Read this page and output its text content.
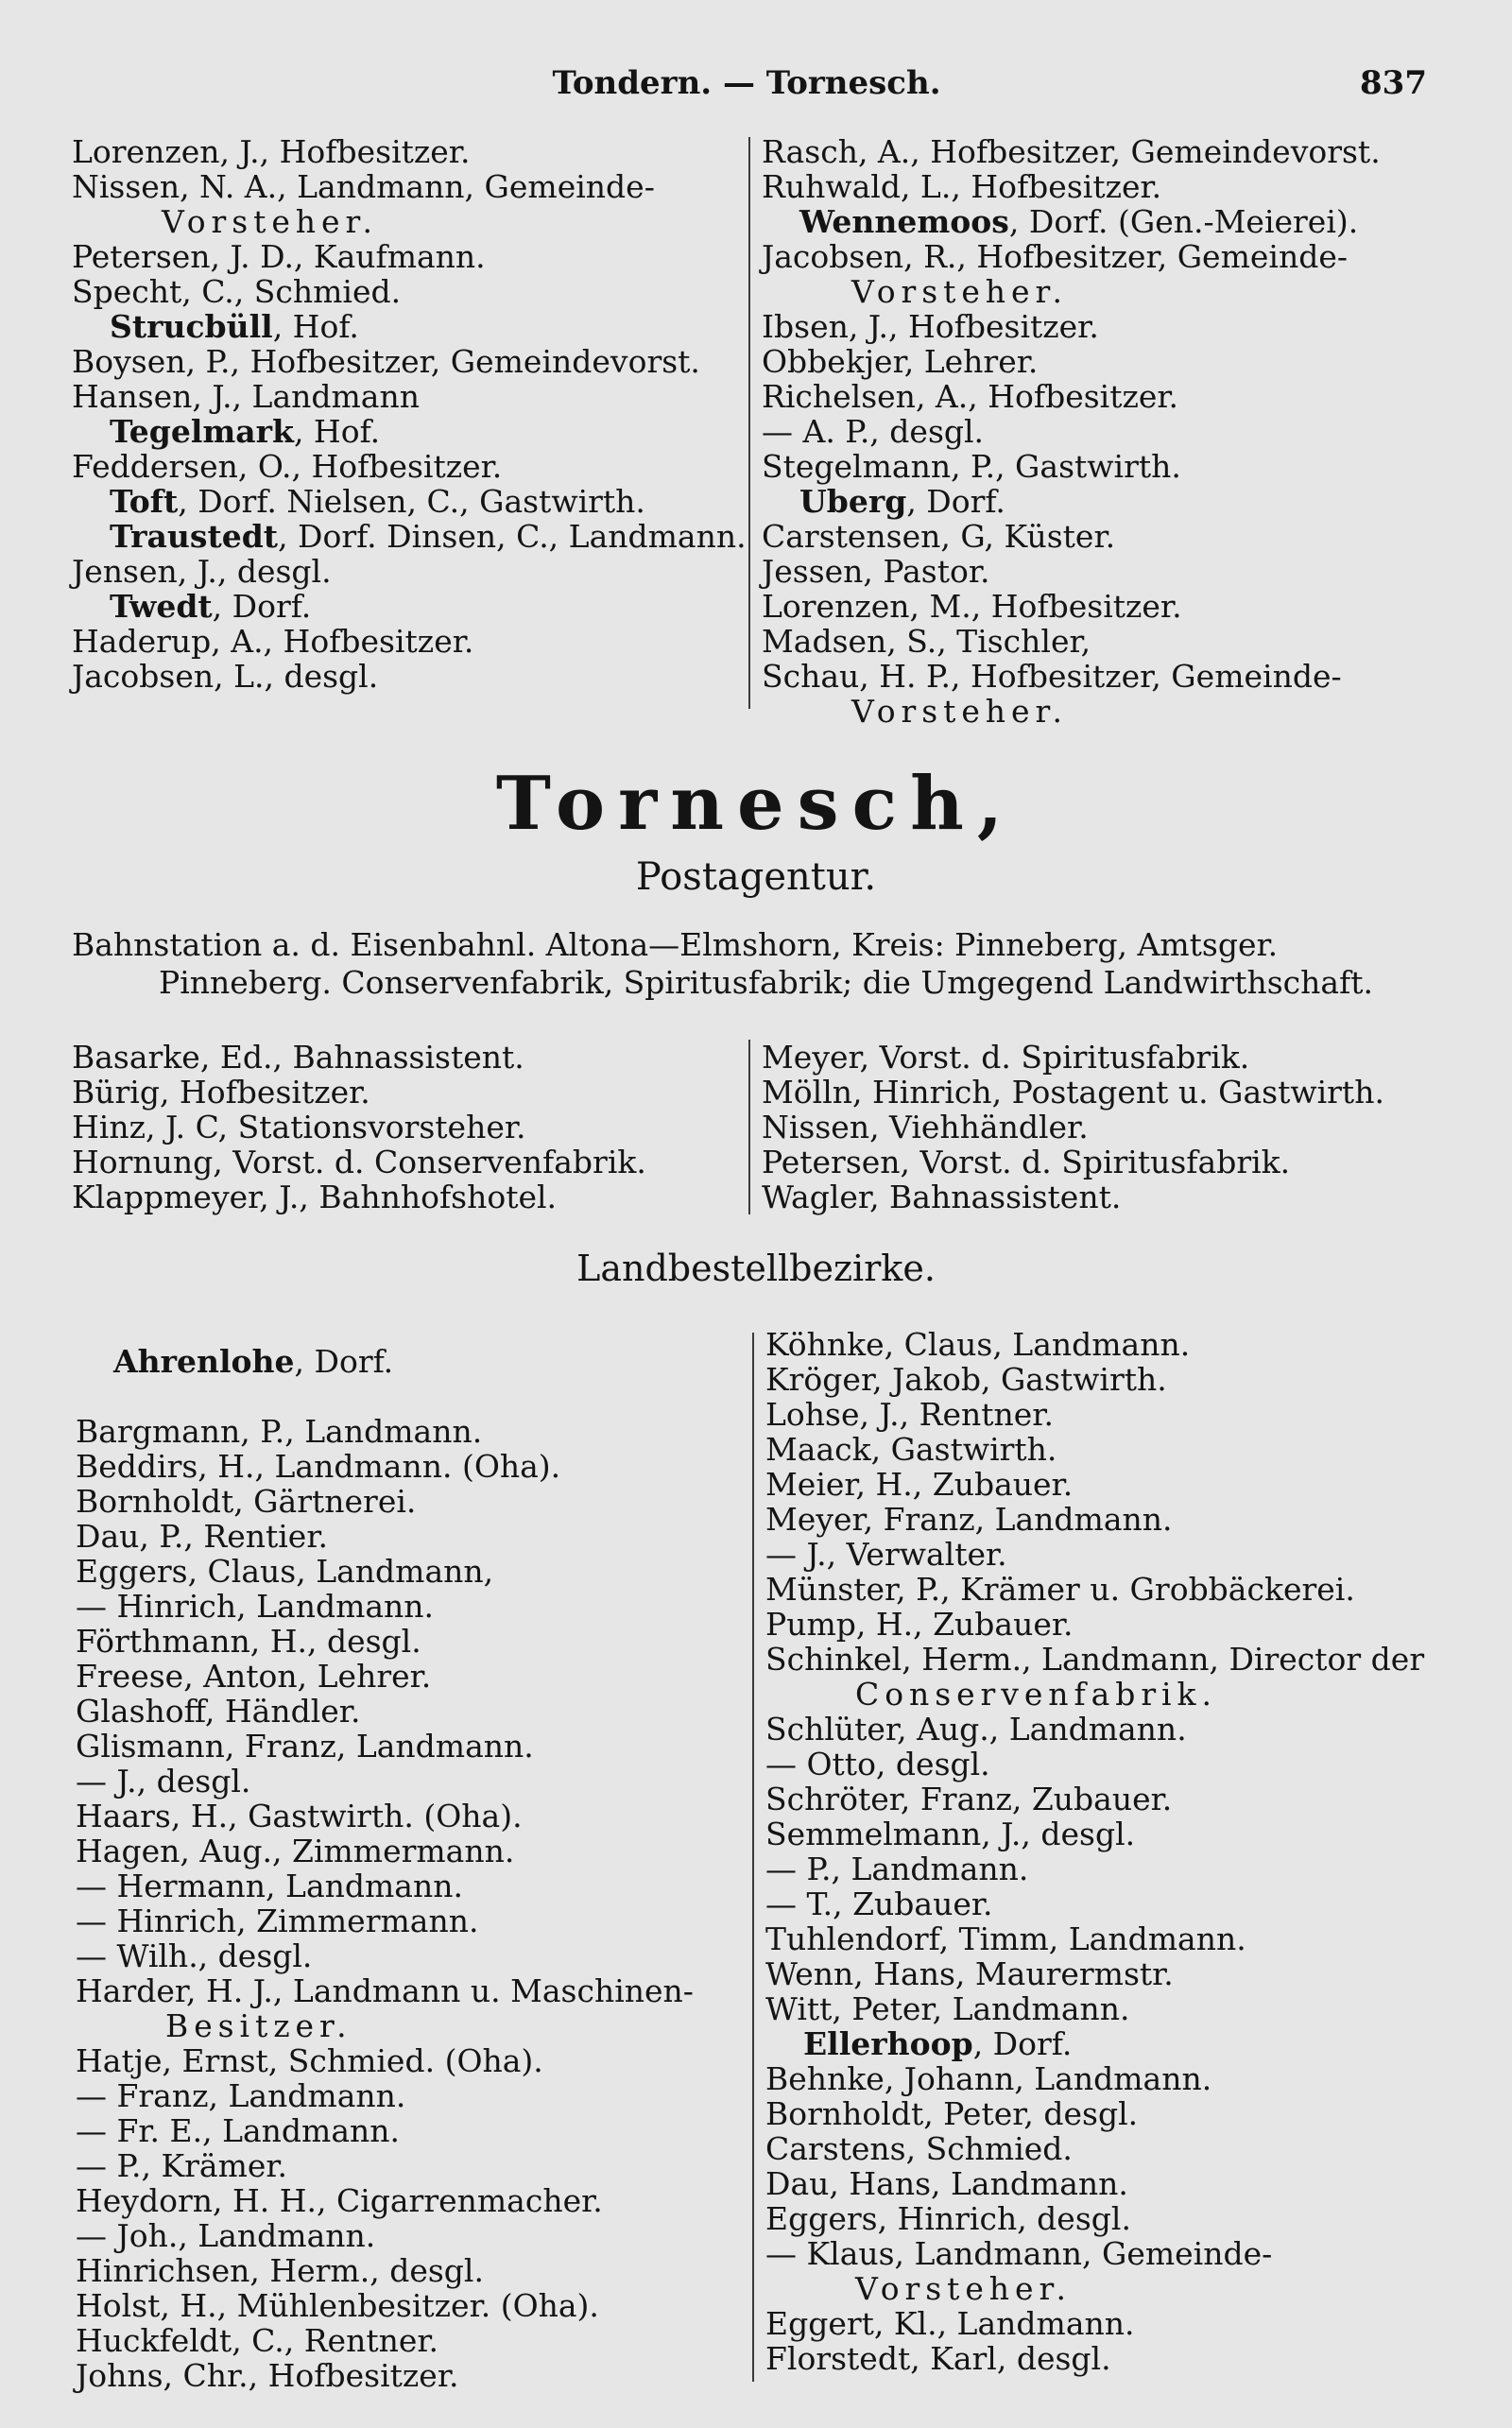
Tondern. — Tornesch.	837
Lorenzen, J., Hofbesitzer.
Nissen, N. A., Landmann, Gemeinde-
Vorsteher.
Petersen, J. D., Kaufmann.
Specht, C., Schmied.
Strucbüll, Hof.
Boysen, P., Hofbesitzer, Gemeindevorst.
Hansen, J., Landmann
Tegelmark, Hof.
Feddersen, O., Hofbesitzer.
Toft, Dorf. Nielsen, C., Gastwirth.
Traustedt, Dorf. Dinsen, C., Landmann.
Jensen, J., desgl.
Twedt, Dorf.
Haderup, A., Hofbesitzer.
Jacobsen, L., desgl.
Rasch, A., Hofbesitzer, Gemeindevorst.
Ruhwald, L., Hofbesitzer.
Wennemoos, Dorf. (Gen.-Meierei).
Jacobsen, R., Hofbesitzer, Gemeinde-
Vorsteher.
Ibsen, J., Hofbesitzer.
Obbekjer, Lehrer.
Richelsen, A., Hofbesitzer.
— A. P., desgl.
Stegelmann, P., Gastwirth.
Uberg, Dorf.
Carstensen, G, Küster.
Jessen, Pastor.
Lorenzen, M., Hofbesitzer.
Madsen, S., Tischler,
Schau, H. P., Hofbesitzer, Gemeinde-
Vorsteher.
Tornesch,
Postagentur.
Bahnstation a. d. Eisenbahnl. Altona—Elmshorn, Kreis: Pinneberg, Amtsger.
Pinneberg. Conservenfabrik, Spiritusfabrik; die Umgegend Landwirthschaft.
Basarke, Ed., Bahnassistent.
Bürig, Hofbesitzer.
Hinz, J. C, Stationsvorsteher.
Hornung, Vorst. d. Conservenfabrik.
Klappmeyer, J., Bahnhofshotel.
Meyer, Vorst. d. Spiritusfabrik.
Mölln, Hinrich, Postagent u. Gastwirth.
Nissen, Viehhändler.
Petersen, Vorst. d. Spiritusfabrik.
Wagler, Bahnassistent.
Landbestellbezirke.
Ahrenlohe, Dorf.
Bargmann, P., Landmann.
Beddirs, H., Landmann. (Oha).
Bornholdt, Gärtnerei.
Dau, P., Rentier.
Eggers, Claus, Landmann,
— Hinrich, Landmann.
Förthmann, H., desgl.
Freese, Anton, Lehrer.
Glashoff, Händler.
Glismann, Franz, Landmann.
— J., desgl.
Haars, H., Gastwirth. (Oha).
Hagen, Aug., Zimmermann.
— Hermann, Landmann.
— Hinrich, Zimmermann.
— Wilh., desgl.
Harder, H. J., Landmann u. Maschinen-
Besitzer.
Hatje, Ernst, Schmied. (Oha).
— Franz, Landmann.
— Fr. E., Landmann.
— P., Krämer.
Heydorn, H. H., Cigarrenmacher.
— Joh., Landmann.
Hinrichsen, Herm., desgl.
Holst, H., Mühlenbesitzer. (Oha).
Huckfeldt, C., Rentner.
Johns, Chr., Hofbesitzer.
Köhnke, Claus, Landmann.
Kröger, Jakob, Gastwirth.
Lohse, J., Rentner.
Maack, Gastwirth.
Meier, H., Zubauer.
Meyer, Franz, Landmann.
— J., Verwalter.
Münster, P., Krämer u. Grobbäckerei.
Pump, H., Zubauer.
Schinkel, Herm., Landmann, Director der
Conservenfabrik.
Schlüter, Aug., Landmann.
— Otto, desgl.
Schröter, Franz, Zubauer.
Semmelmann, J., desgl.
— P., Landmann.
— T., Zubauer.
Tuhlendorf, Timm, Landmann.
Wenn, Hans, Maurermstr.
Witt, Peter, Landmann.
Ellerhoop, Dorf.
Behnke, Johann, Landmann.
Bornholdt, Peter, desgl.
Carstens, Schmied.
Dau, Hans, Landmann.
Eggers, Hinrich, desgl.
— Klaus, Landmann, Gemeinde-
Vorsteher.
Eggert, Kl., Landmann.
Florstedt, Karl, desgl.
